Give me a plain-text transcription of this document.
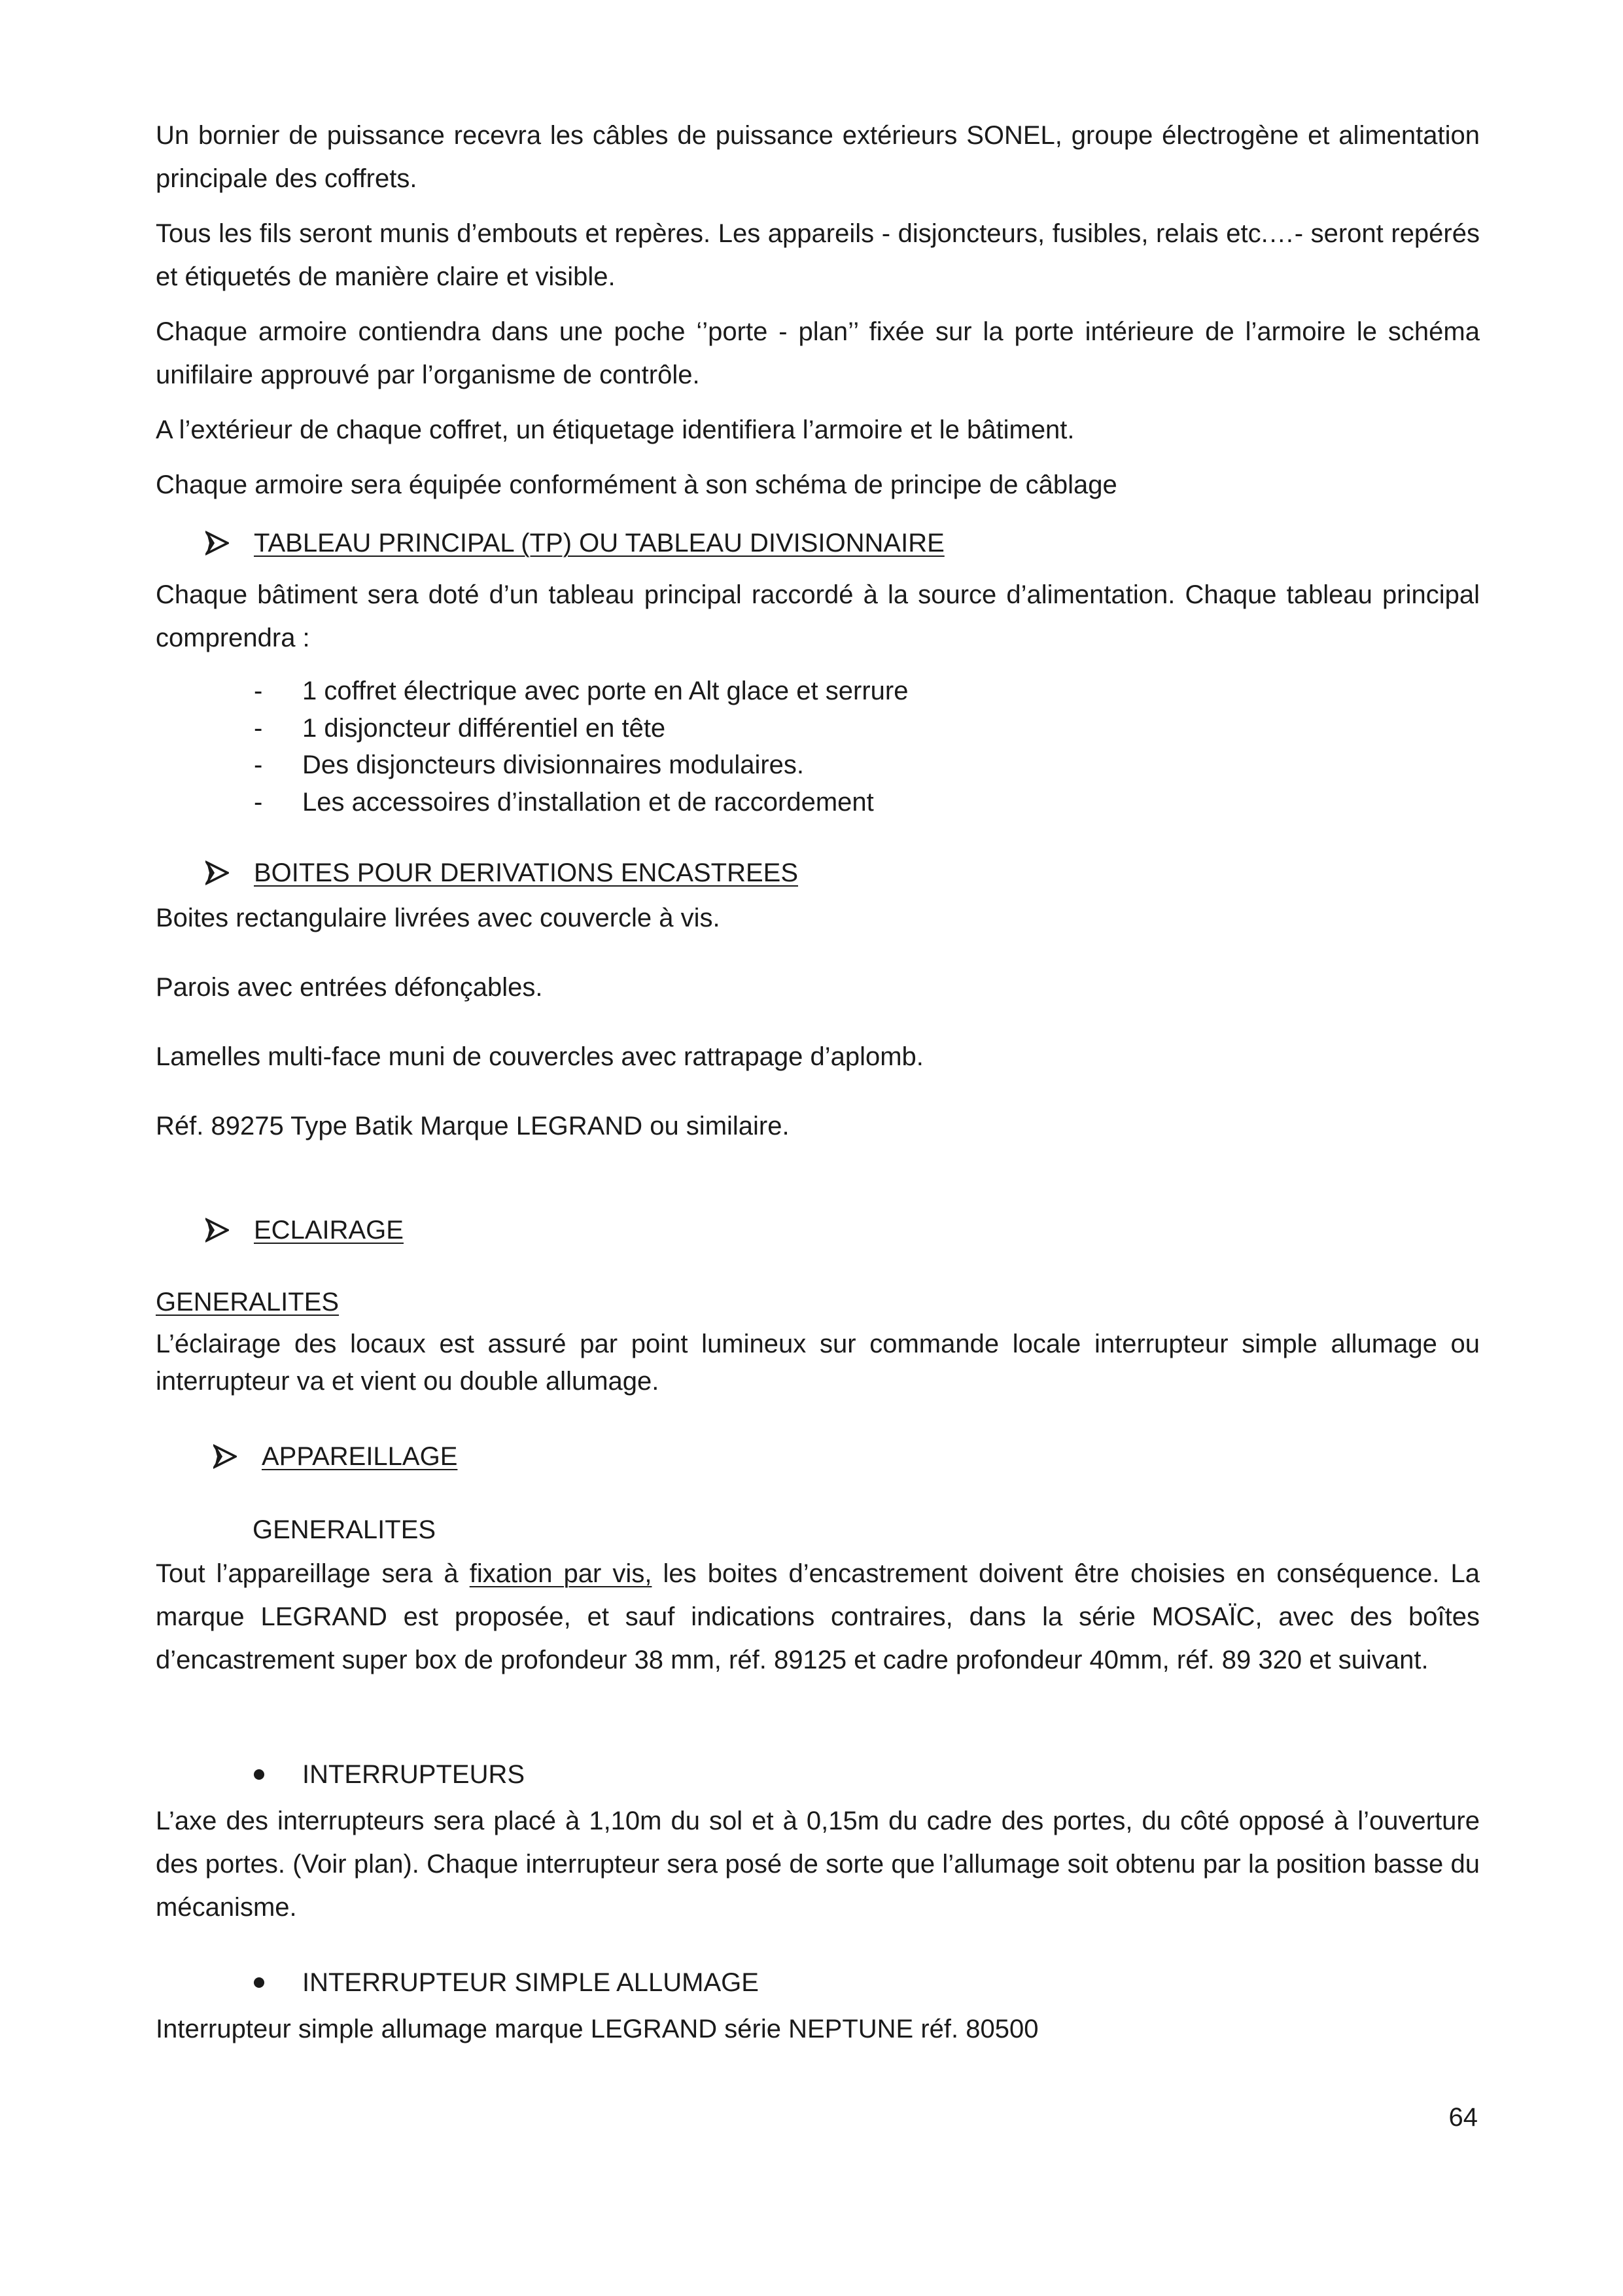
Un bornier de puissance recevra les câbles de puissance extérieurs SONEL, groupe électrogène et alimentation principale des coffrets.

Tous les fils seront munis d’embouts et repères. Les appareils - disjoncteurs, fusibles, relais etc.…- seront repérés et étiquetés de manière claire et visible.

Chaque armoire contiendra dans une poche ‘’porte - plan’’ fixée sur la porte intérieure de l’armoire le schéma unifilaire approuvé par l’organisme de contrôle.

A l’extérieur de chaque coffret, un étiquetage identifiera l’armoire et le bâtiment.

Chaque armoire sera équipée conformément à son schéma de principe de câblage

TABLEAU PRINCIPAL (TP) OU TABLEAU DIVISIONNAIRE

Chaque bâtiment sera doté d’un tableau principal raccordé à la source d’alimentation. Chaque tableau principal comprendra :

- 1 coffret électrique avec porte en Alt glace et serrure
- 1 disjoncteur différentiel en tête
- Des disjoncteurs divisionnaires modulaires.
- Les accessoires d’installation et de raccordement
BOITES POUR DERIVATIONS ENCASTREES

Boites rectangulaire livrées avec couvercle à vis.

Parois avec entrées défonçables.

Lamelles multi-face muni de couvercles avec rattrapage d’aplomb.

Réf. 89275 Type Batik Marque LEGRAND ou similaire.

ECLAIRAGE
GENERALITES

L’éclairage des locaux est assuré par point lumineux sur commande locale interrupteur simple allumage ou interrupteur va et vient ou double allumage.

APPAREILLAGE
GENERALITES

Tout l’appareillage sera à fixation par vis, les boites d’encastrement doivent être choisies en conséquence. La marque LEGRAND est proposée, et sauf indications contraires, dans la série MOSAÏC, avec des boîtes d’encastrement super box de profondeur 38 mm, réf. 89125 et cadre profondeur 40mm, réf. 89 320 et suivant.

INTERRUPTEURS

L’axe des interrupteurs sera placé à 1,10m du sol et à 0,15m du cadre des portes, du côté opposé à l’ouverture des portes. (Voir plan). Chaque interrupteur sera posé de sorte que l’allumage soit obtenu par la position basse du mécanisme.

INTERRUPTEUR SIMPLE ALLUMAGE

Interrupteur simple allumage marque LEGRAND série NEPTUNE réf. 80500

64
